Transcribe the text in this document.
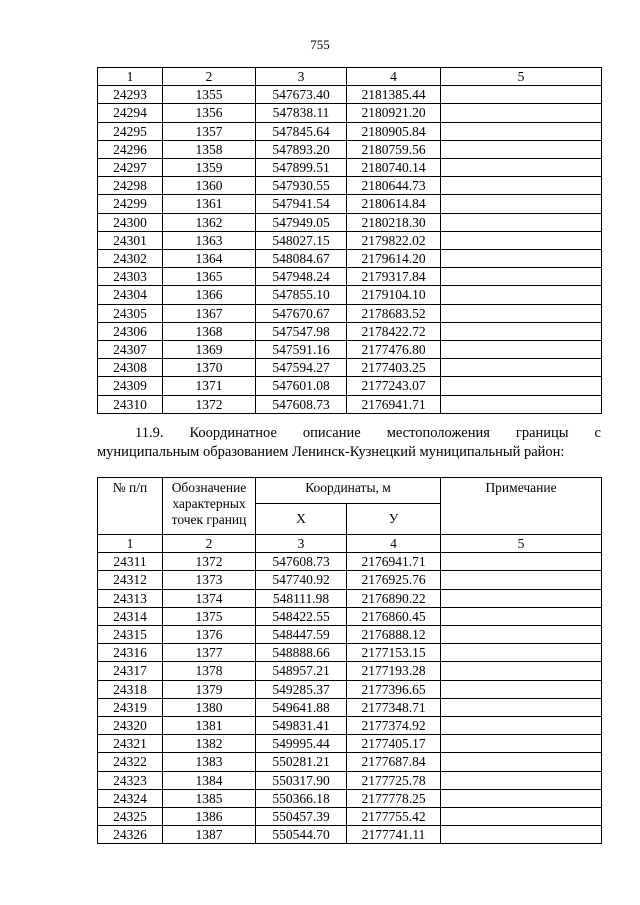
755
1	2	3	4	5
24293	1355	547673.40	2181385.44	
24294	1356	547838.11	2180921.20	
24295	1357	547845.64	2180905.84	
24296	1358	547893.20	2180759.56	
24297	1359	547899.51	2180740.14	
24298	1360	547930.55	2180644.73	
24299	1361	547941.54	2180614.84	
24300	1362	547949.05	2180218.30	
24301	1363	548027.15	2179822.02	
24302	1364	548084.67	2179614.20	
24303	1365	547948.24	2179317.84	
24304	1366	547855.10	2179104.10	
24305	1367	547670.67	2178683.52	
24306	1368	547547.98	2178422.72	
24307	1369	547591.16	2177476.80	
24308	1370	547594.27	2177403.25	
24309	1371	547601.08	2177243.07	
24310	1372	547608.73	2176941.71	
11.9. Координатное описание местоположения границы с
муниципальным образованием Ленинск-Кузнецкий муниципальный район:
№ п/п	Обозначение характерных точек границ	Координаты, м		Примечание
		X	У	
1	2	3	4	5
24311	1372	547608.73	2176941.71	
24312	1373	547740.92	2176925.76	
24313	1374	548111.98	2176890.22	
24314	1375	548422.55	2176860.45	
24315	1376	548447.59	2176888.12	
24316	1377	548888.66	2177153.15	
24317	1378	548957.21	2177193.28	
24318	1379	549285.37	2177396.65	
24319	1380	549641.88	2177348.71	
24320	1381	549831.41	2177374.92	
24321	1382	549995.44	2177405.17	
24322	1383	550281.21	2177687.84	
24323	1384	550317.90	2177725.78	
24324	1385	550366.18	2177778.25	
24325	1386	550457.39	2177755.42	
24326	1387	550544.70	2177741.11	
